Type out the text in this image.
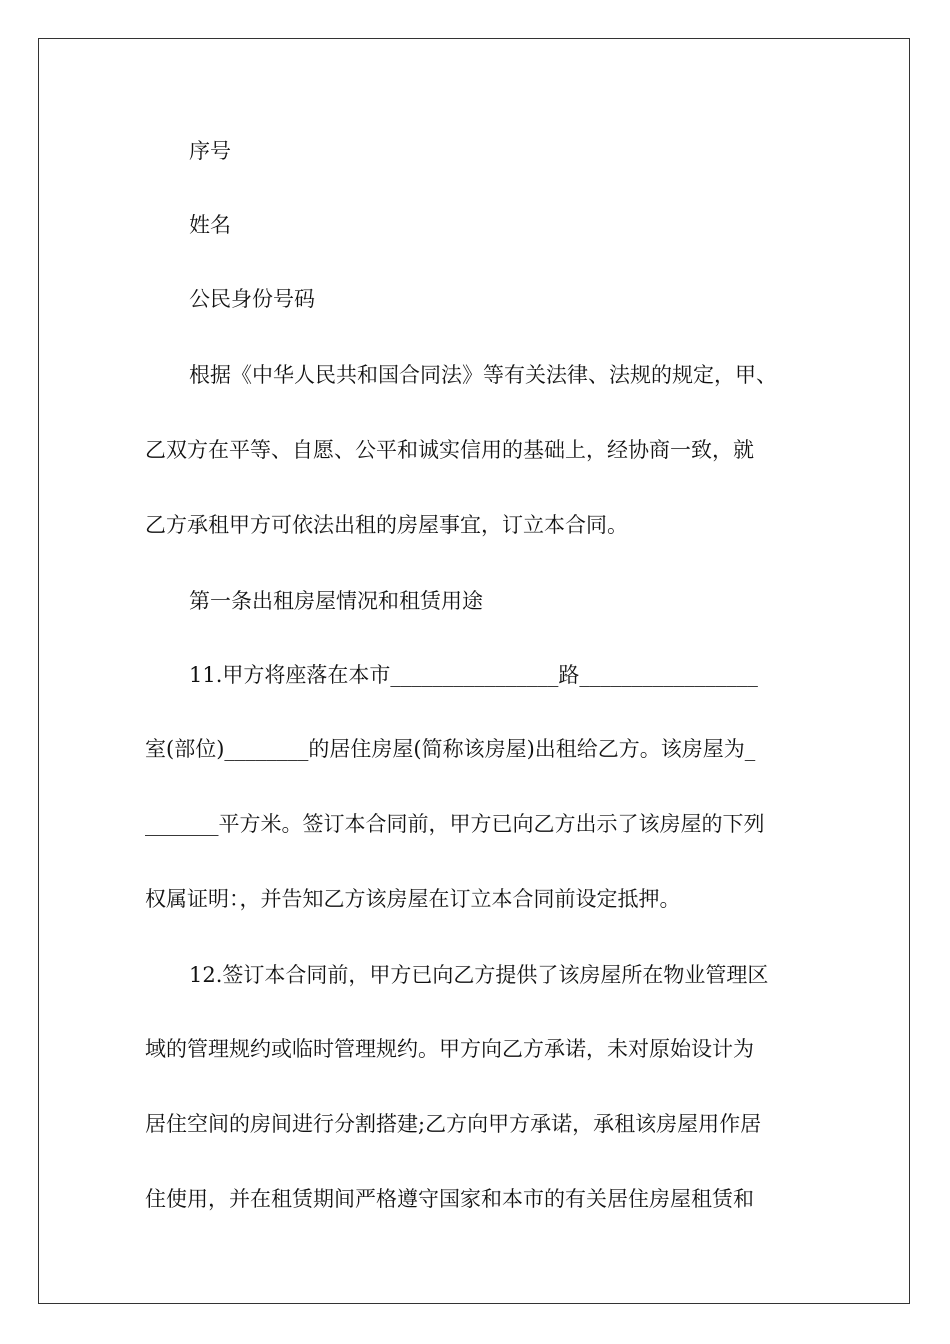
序号
姓名
公民身份号码
根据《中华人民共和国合同法》等有关法律、法规的规定，甲、
乙双方在平等、自愿、公平和诚实信用的基础上，经协商一致，就
乙方承租甲方可依法出租的房屋事宜，订立本合同。
第一条出租房屋情况和租赁用途
11.甲方将座落在本市________________路_________________
室(部位)________的居住房屋(简称该房屋)出租给乙方。该房屋为_
_______平方米。签订本合同前，甲方已向乙方出示了该房屋的下列
权属证明：，并告知乙方该房屋在订立本合同前设定抵押。
12.签订本合同前，甲方已向乙方提供了该房屋所在物业管理区
域的管理规约或临时管理规约。甲方向乙方承诺，未对原始设计为
居住空间的房间进行分割搭建;乙方向甲方承诺，承租该房屋用作居
住使用，并在租赁期间严格遵守国家和本市的有关居住房屋租赁和
